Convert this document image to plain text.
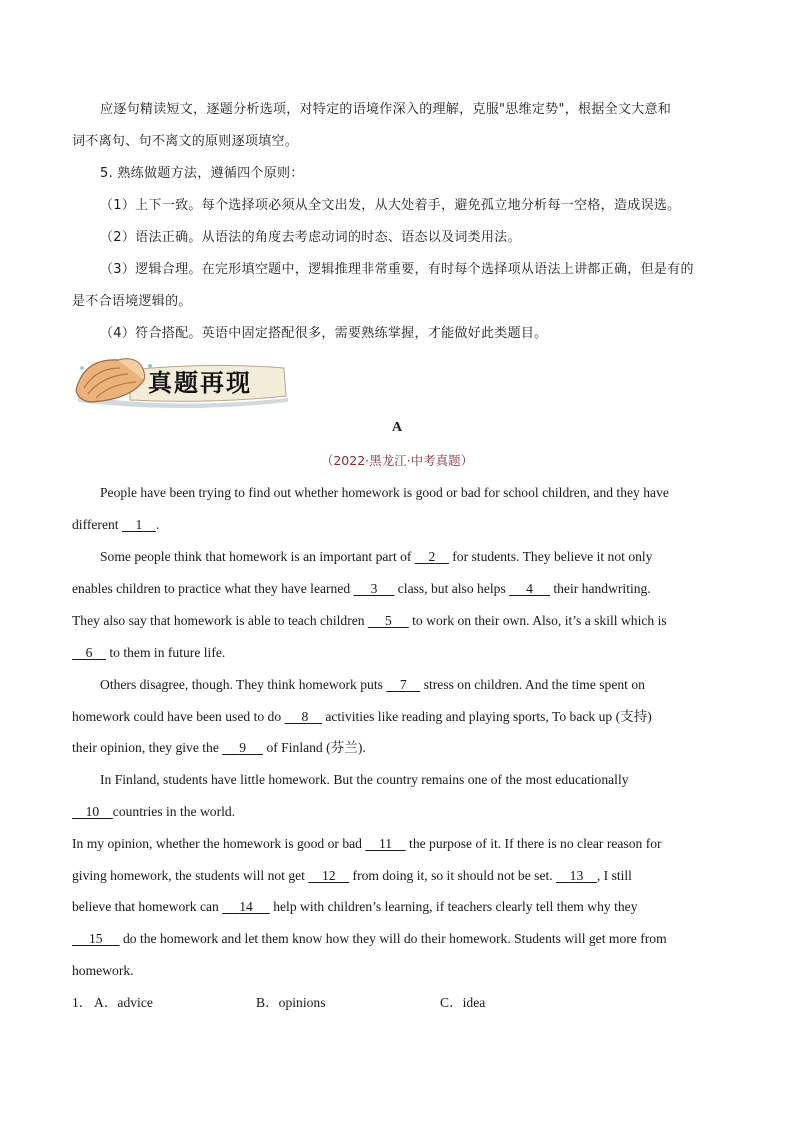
应逐句精读短文，逐题分析选项，对特定的语境作深入的理解，克服"思维定势"，根据全文大意和
词不离句、句不离文的原则逐项填空。
5. 熟练做题方法，遵循四个原则：
（1）上下一致。每个选择项必须从全文出发，从大处着手，避免孤立地分析每一空格，造成误选。
（2）语法正确。从语法的角度去考虑动词的时态、语态以及词类用法。
（3）逻辑合理。在完形填空题中，逻辑推理非常重要，有时每个选择项从语法上讲都正确，但是有的
是不合语境逻辑的。
（4）符合搭配。英语中固定搭配很多，需要熟练掌握，才能做好此类题目。
真题再现
A
（2022·黑龙江·中考真题）
People have been trying to find out whether homework is good or bad for school children, and they have
different     1 .
Some people think that homework is an important part of     2     for students. They believe it not only
enables children to practice what they have learned      3      class, but also helps      4      their handwriting.
They also say that homework is able to teach children      5      to work on their own. Also, it’s a skill which is
6     to them in future life.
Others disagree, though. They think homework puts     7     stress on children. And the time spent on
homework could have been used to do      8     activities like reading and playing sports, To back up (支持)
their opinion, they give the      9      of Finland (芬兰).
In Finland, students have little homework. But the country remains one of the most educationally
10 countries in the world.
In my opinion, whether the homework is good or bad     11     the purpose of it. If there is no clear reason for
giving homework, the students will not get     12     from doing it, so it should not be set.     13 , I still
believe that homework can      14      help with children’s learning, if teachers clearly tell them why they
15      do the homework and let them know how they will do their homework. Students will get more from
homework.
1． A．advice	B．opinions	C．idea
